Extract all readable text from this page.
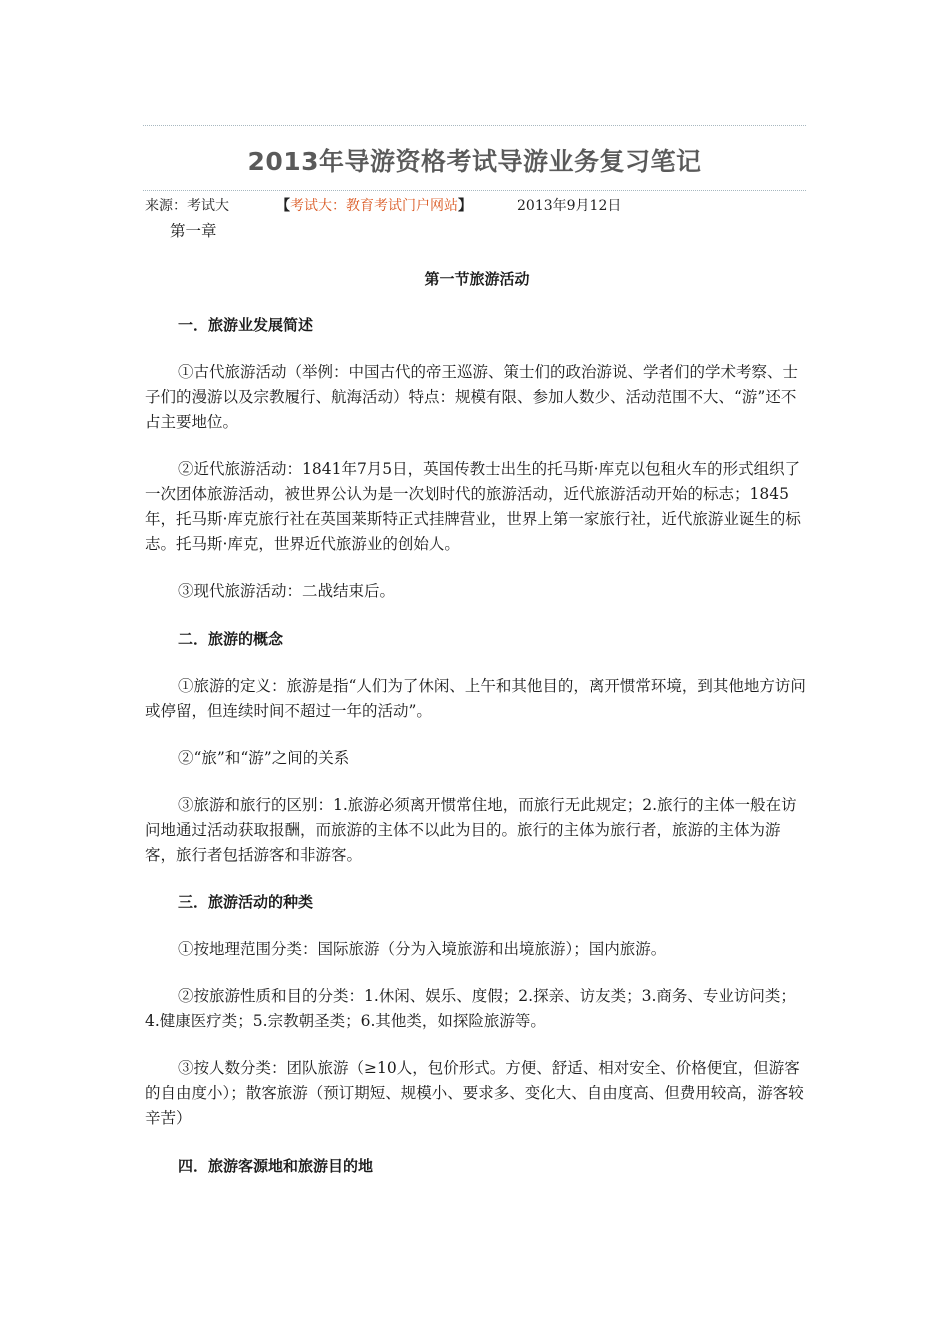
2013年导游资格考试导游业务复习笔记
来源：考试大	【考试大：教育考试门户网站】	2013年9月12日
第一章
第一节旅游活动
一．旅游业发展简述
①古代旅游活动（举例：中国古代的帝王巡游、策士们的政治游说、学者们的学术考察、士子们的漫游以及宗教履行、航海活动）特点：规模有限、参加人数少、活动范围不大、“游”还不占主要地位。
②近代旅游活动：1841年7月5日，英国传教士出生的托马斯·库克以包租火车的形式组织了一次团体旅游活动，被世界公认为是一次划时代的旅游活动，近代旅游活动开始的标志；1845年，托马斯·库克旅行社在英国莱斯特正式挂牌营业，世界上第一家旅行社，近代旅游业诞生的标志。托马斯·库克，世界近代旅游业的创始人。
③现代旅游活动：二战结束后。
二．旅游的概念
①旅游的定义：旅游是指“人们为了休闲、上午和其他目的，离开惯常环境，到其他地方访问或停留，但连续时间不超过一年的活动”。
②“旅”和“游”之间的关系
③旅游和旅行的区别：1.旅游必须离开惯常住地，而旅行无此规定；2.旅行的主体一般在访问地通过活动获取报酬，而旅游的主体不以此为目的。旅行的主体为旅行者，旅游的主体为游客，旅行者包括游客和非游客。
三．旅游活动的种类
①按地理范围分类：国际旅游（分为入境旅游和出境旅游）；国内旅游。
②按旅游性质和目的分类：1.休闲、娱乐、度假；2.探亲、访友类；3.商务、专业访问类；4.健康医疗类；5.宗教朝圣类；6.其他类，如探险旅游等。
③按人数分类：团队旅游（≥10人，包价形式。方便、舒适、相对安全、价格便宜，但游客的自由度小）；散客旅游（预订期短、规模小、要求多、变化大、自由度高、但费用较高，游客较辛苦）
四．旅游客源地和旅游目的地
